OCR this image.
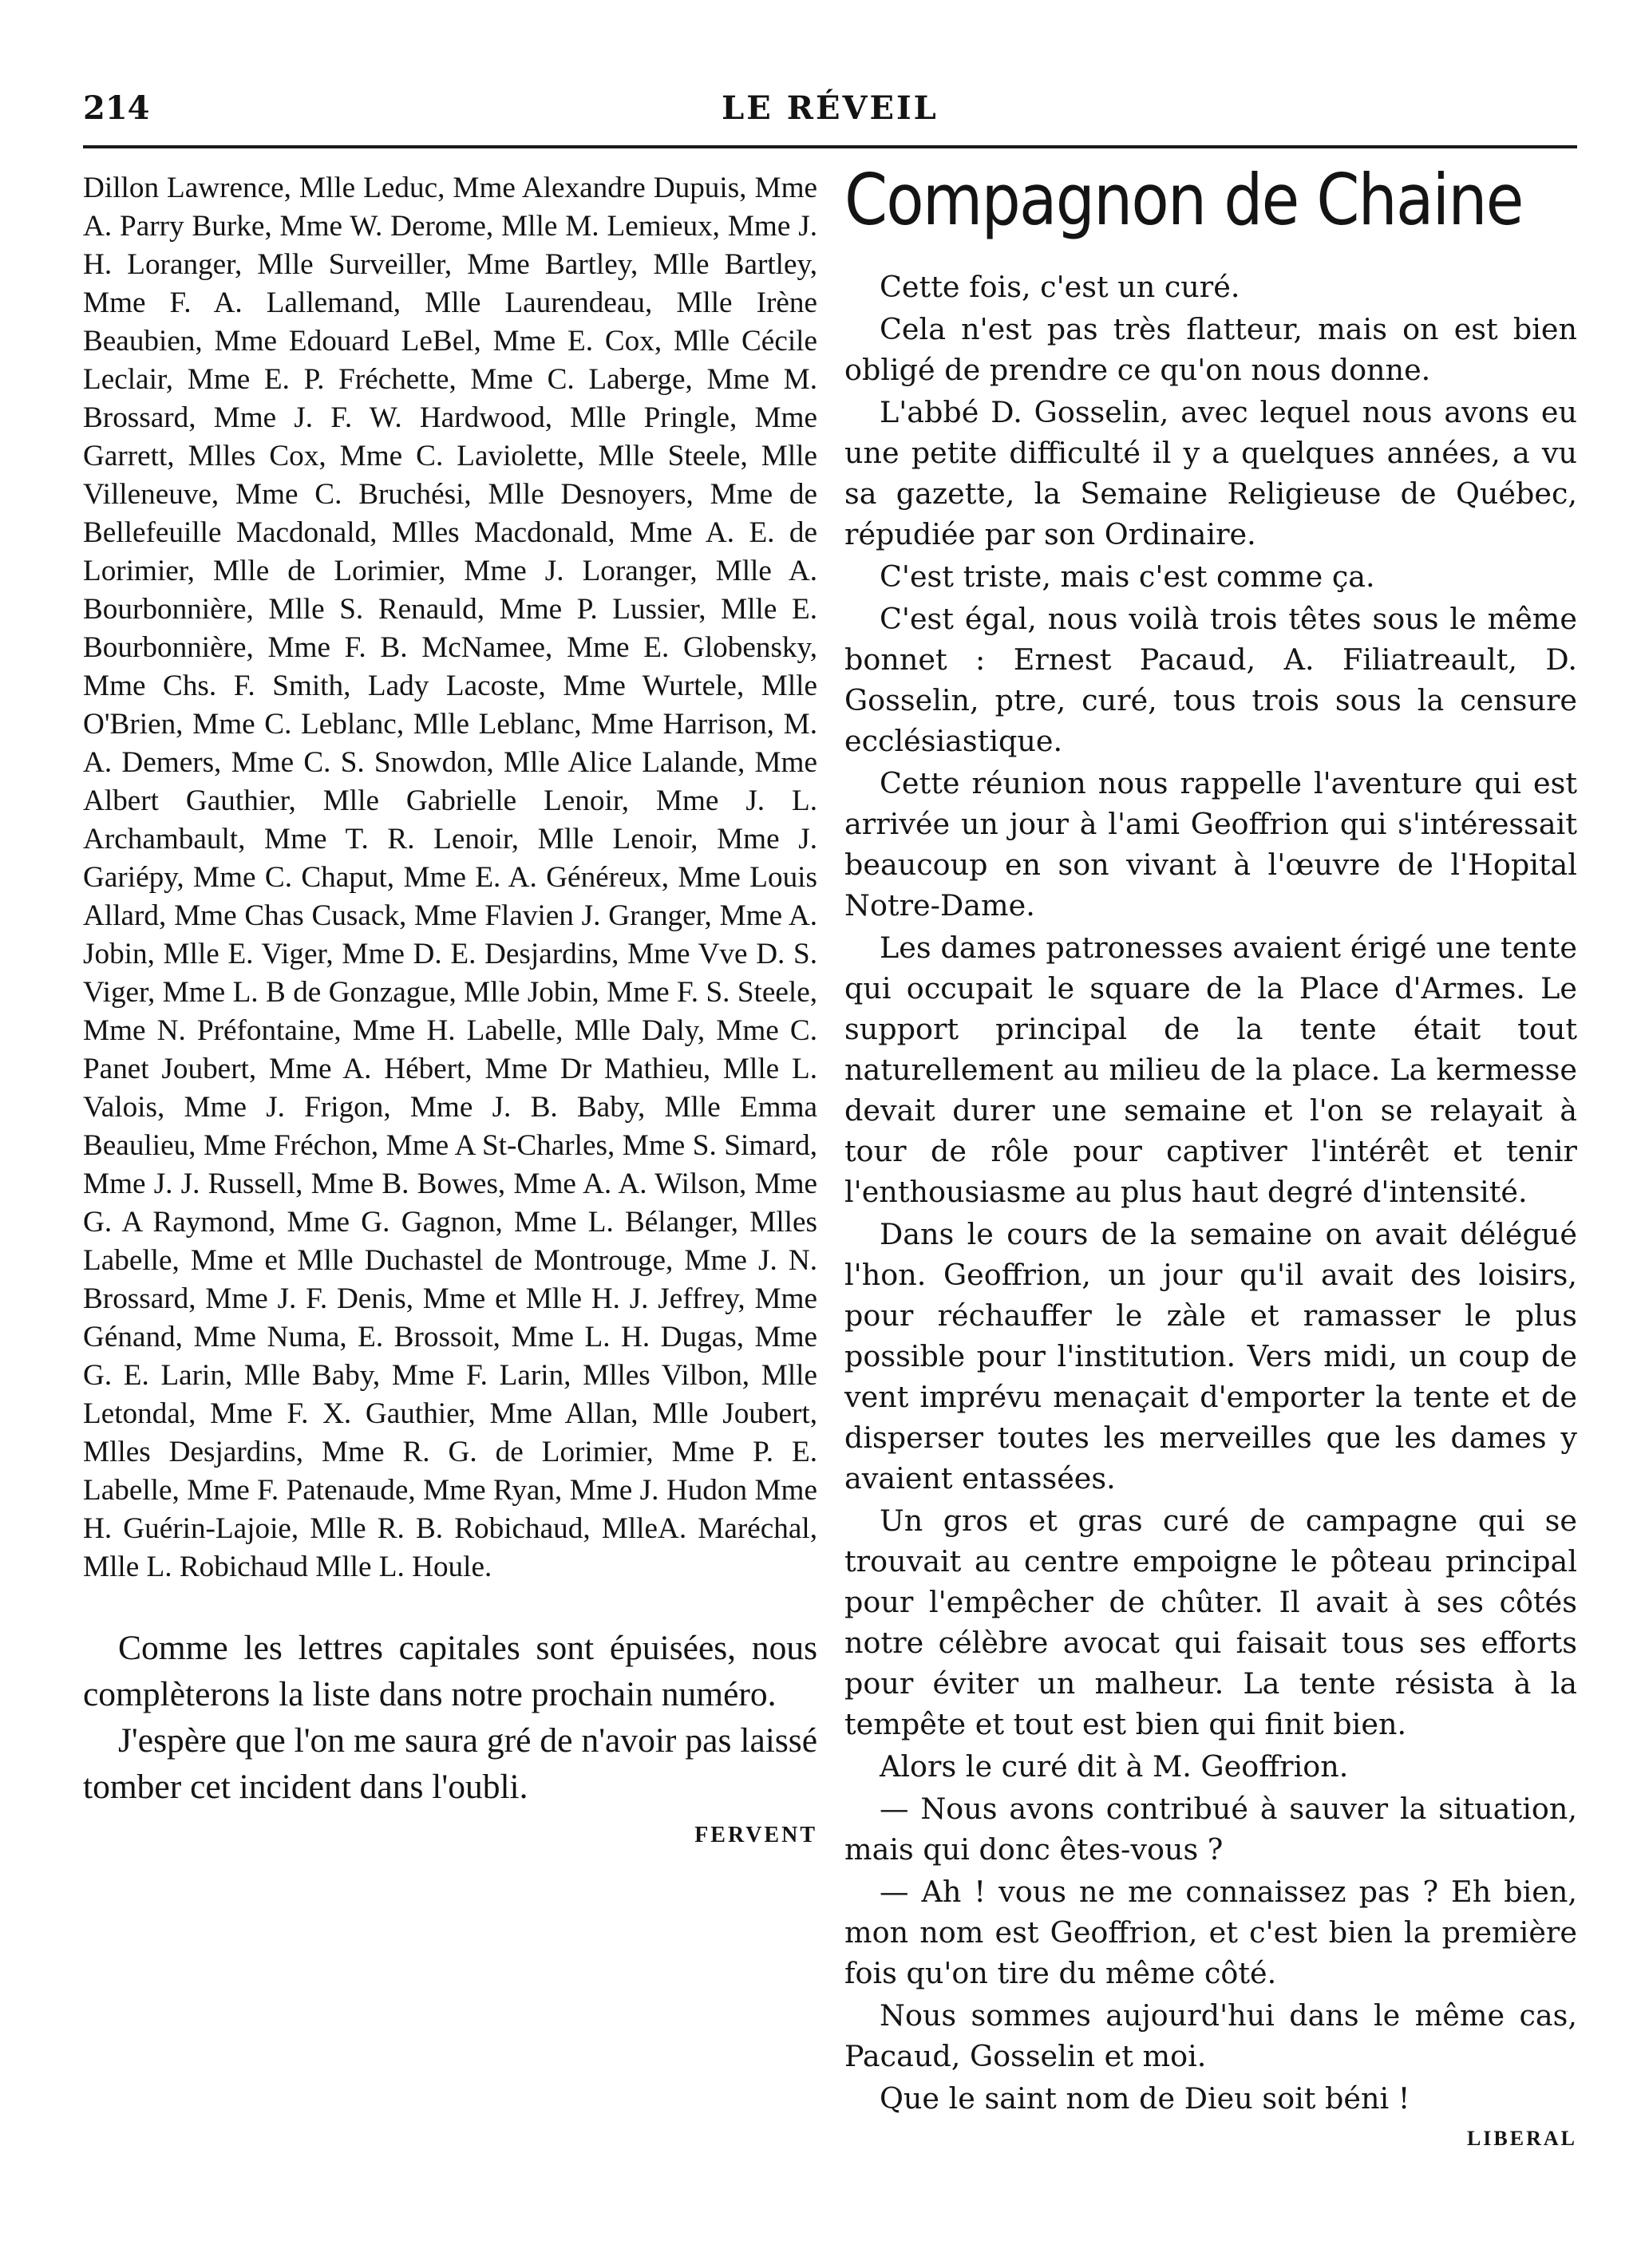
214	LE RÉVEIL

Dillon Lawrence, Mlle Leduc, Mme Alexandre Dupuis, Mme A. Parry Burke, Mme W. Derome, Mlle M. Lemieux, Mme J. H. Loranger, Mlle Surveiller, Mme Bartley, Mlle Bartley, Mme F. A. Lallemand, Mlle Laurendeau, Mlle Irène Beaubien, Mme Edouard LeBel, Mme E. Cox, Mlle Cécile Leclair, Mme E. P. Fréchette, Mme C. Laberge, Mme M. Brossard, Mme J. F. W. Hardwood, Mlle Pringle, Mme Garrett, Mlles Cox, Mme C. Laviolette, Mlle Steele, Mlle Villeneuve, Mme C. Bruchési, Mlle Desnoyers, Mme de Bellefeuille Macdonald, Mlles Macdonald, Mme A. E. de Lorimier, Mlle de Lorimier, Mme J. Loranger, Mlle A. Bourbonnière, Mlle S. Renauld, Mme P. Lussier, Mlle E. Bourbonnière, Mme F. B. McNamee, Mme E. Globensky, Mme Chs. F. Smith, Lady Lacoste, Mme Wurtele, Mlle O'Brien, Mme C. Leblanc, Mlle Leblanc, Mme Harrison, M. A. Demers, Mme C. S. Snowdon, Mlle Alice Lalande, Mme Albert Gauthier, Mlle Gabrielle Lenoir, Mme J. L. Archambault, Mme T. R. Lenoir, Mlle Lenoir, Mme J. Gariépy, Mme C. Chaput, Mme E. A. Généreux, Mme Louis Allard, Mme Chas Cusack, Mme Flavien J. Granger, Mme A. Jobin, Mlle E. Viger, Mme D. E. Desjardins, Mme Vve D. S. Viger, Mme L. B de Gonzague, Mlle Jobin, Mme F. S. Steele, Mme N. Préfontaine, Mme H. Labelle, Mlle Daly, Mme C. Panet Joubert, Mme A. Hébert, Mme Dr Mathieu, Mlle L. Valois, Mme J. Frigon, Mme J. B. Baby, Mlle Emma Beaulieu, Mme Fréchon, Mme A St-Charles, Mme S. Simard, Mme J. J. Russell, Mme B. Bowes, Mme A. A. Wilson, Mme G. A Raymond, Mme G. Gagnon, Mme L. Bélanger, Mlles Labelle, Mme et Mlle Duchastel de Montrouge, Mme J. N. Brossard, Mme J. F. Denis, Mme et Mlle H. J. Jeffrey, Mme Génand, Mme Numa, E. Brossoit, Mme L. H. Dugas, Mme G. E. Larin, Mlle Baby, Mme F. Larin, Mlles Vilbon, Mlle Letondal, Mme F. X. Gauthier, Mme Allan, Mlle Joubert, Mlles Desjardins, Mme R. G. de Lorimier, Mme P. E. Labelle, Mme F. Patenaude, Mme Ryan, Mme J. Hudon Mme H. Guérin-Lajoie, Mlle R. B. Robichaud, MlleA. Maréchal, Mlle L. Robichaud Mlle L. Houle.

Comme les lettres capitales sont épuisées, nous complèterons la liste dans notre prochain numéro.

J'espère que l'on me saura gré de n'avoir pas laissé tomber cet incident dans l'oubli.

FERVENT
Compagnon de Chaine

Cette fois, c'est un curé.

Cela n'est pas très flatteur, mais on est bien obligé de prendre ce qu'on nous donne.

L'abbé D. Gosselin, avec lequel nous avons eu une petite difficulté il y a quelques années, a vu sa gazette, la Semaine Religieuse de Québec, répudiée par son Ordinaire.

C'est triste, mais c'est comme ça.

C'est égal, nous voilà trois têtes sous le même bonnet : Ernest Pacaud, A. Filiatreault, D. Gosselin, ptre, curé, tous trois sous la censure ecclésiastique.

Cette réunion nous rappelle l'aventure qui est arrivée un jour à l'ami Geoffrion qui s'intéressait beaucoup en son vivant à l'œuvre de l'Hopital Notre-Dame.

Les dames patronesses avaient érigé une tente qui occupait le square de la Place d'Armes. Le support principal de la tente était tout naturellement au milieu de la place. La kermesse devait durer une semaine et l'on se relayait à tour de rôle pour captiver l'intérêt et tenir l'enthousiasme au plus haut degré d'intensité.

Dans le cours de la semaine on avait délégué l'hon. Geoffrion, un jour qu'il avait des loisirs, pour réchauffer le zàle et ramasser le plus possible pour l'institution. Vers midi, un coup de vent imprévu menaçait d'emporter la tente et de disperser toutes les merveilles que les dames y avaient entassées.

Un gros et gras curé de campagne qui se trouvait au centre empoigne le pôteau principal pour l'empêcher de chûter. Il avait à ses côtés notre célèbre avocat qui faisait tous ses efforts pour éviter un malheur. La tente résista à la tempête et tout est bien qui finit bien.

Alors le curé dit à M. Geoffrion.

— Nous avons contribué à sauver la situation, mais qui donc êtes-vous ?

— Ah ! vous ne me connaissez pas ? Eh bien, mon nom est Geoffrion, et c'est bien la première fois qu'on tire du même côté.

Nous sommes aujourd'hui dans le même cas, Pacaud, Gosselin et moi.

Que le saint nom de Dieu soit béni !

LIBERAL
